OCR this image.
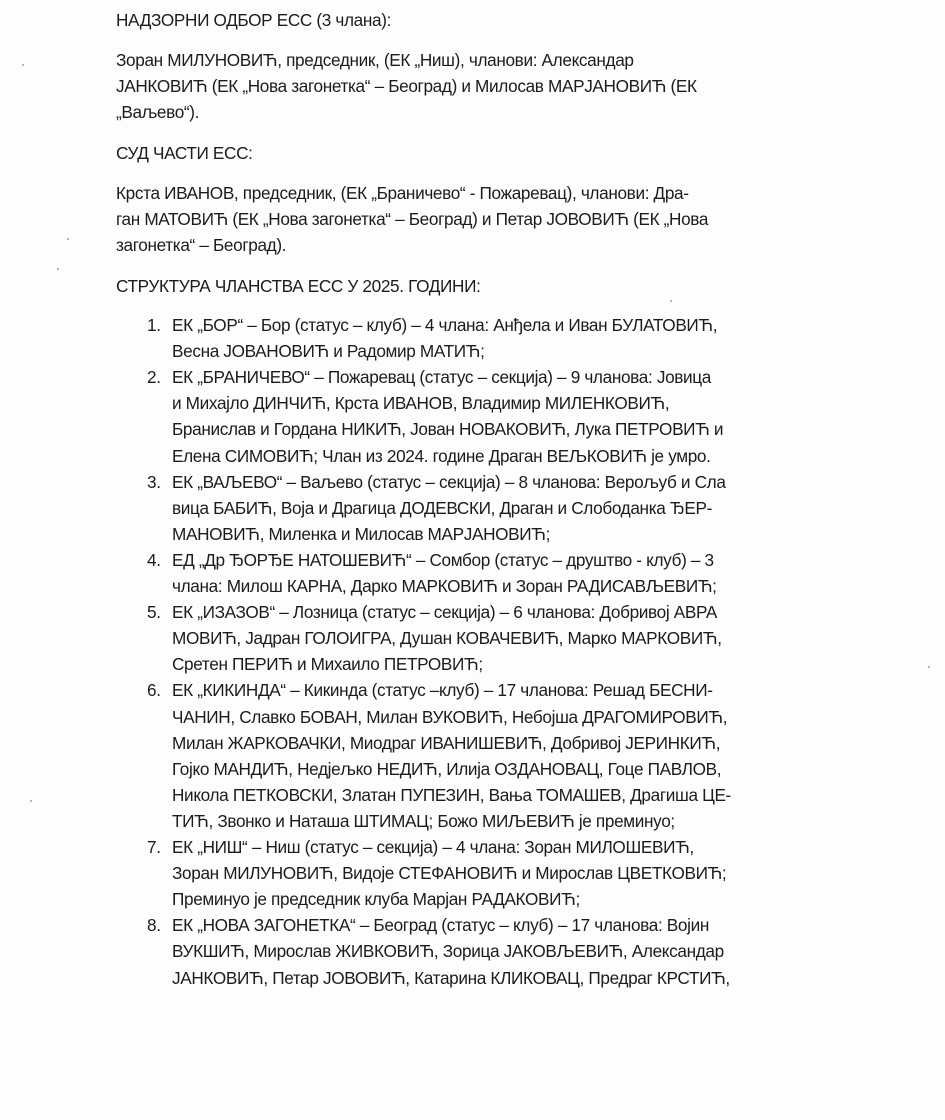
НАДЗОРНИ ОДБОР ЕСС (3 члана):
Зоран МИЛУНОВИЋ, председник, (ЕК „Ниш), чланови: Александар
ЈАНКОВИЋ (ЕК „Нова загонетка“ – Београд) и Милосав МАРЈАНОВИЋ (ЕК
„Ваљево“).
СУД ЧАСТИ ЕСС:
Крста ИВАНОВ, председник, (ЕК „Браничево“ - Пожаревац), чланови: Дра-
ган МАТОВИЋ (ЕК „Нова загонетка“ – Београд) и Петар ЈОВОВИЋ (ЕК „Нова
загонетка“ – Београд).
СТРУКТУРА ЧЛАНСТВА ЕСС У 2025. ГОДИНИ:
1. ЕК „БОР“ – Бор (статус – клуб) – 4 члана: Анђела и Иван БУЛАТОВИЋ,
Весна ЈОВАНОВИЋ и Радомир МАТИЋ;
2. ЕК „БРАНИЧЕВО“ – Пожаревац (статус – секција) – 9 чланова: Јовица
и Михајло ДИНЧИЋ, Крста ИВАНОВ, Владимир МИЛЕНКОВИЋ,
Бранислав и Гордана НИКИЋ, Јован НОВАКОВИЋ, Лука ПЕТРОВИЋ и
Елена СИМОВИЋ; Члан из 2024. године Драган ВЕЉКОВИЋ је умро.
3. ЕК „ВАЉЕВО“ – Ваљево (статус – секција) – 8 чланова: Верољуб и Сла
вица БАБИЋ, Воја и Драгица ДОДЕВСКИ, Драган и Слободанка ЂЕР-
МАНОВИЋ, Миленка и Милосав МАРЈАНОВИЋ;
4. ЕД „Др ЂОРЂЕ НАТОШЕВИЋ“ – Сомбор (статус – друштво - клуб) – 3
члана: Милош КАРНА, Дарко МАРКОВИЋ и Зоран РАДИСАВЉЕВИЋ;
5. ЕК „ИЗАЗОВ“ – Лозница (статус – секција) – 6 чланова: Добривој АВРА
МОВИЋ, Јадран ГОЛОИГРА, Душан КОВАЧЕВИЋ, Марко МАРКОВИЋ,
Сретен ПЕРИЋ и Михаило ПЕТРОВИЋ;
6. ЕК „КИКИНДА“ – Кикинда (статус –клуб) – 17 чланова: Решад БЕСНИ-
ЧАНИН, Славко БОВАН, Милан ВУКОВИЋ, Небојша ДРАГОМИРОВИЋ,
Милан ЖАРКОВАЧКИ, Миодраг ИВАНИШЕВИЋ, Добривој ЈЕРИНКИЋ,
Гојко МАНДИЋ, Недјељко НЕДИЋ, Илија ОЗДАНОВАЦ, Гоце ПАВЛОВ,
Никола ПЕТКОВСКИ, Златан ПУПЕЗИН, Вања ТОМАШЕВ, Драгиша ЦЕ-
ТИЋ, Звонко и Наташа ШТИМАЦ; Божо МИЉЕВИЋ је преминуо;
7. ЕК „НИШ“ – Ниш (статус – секција) – 4 члана: Зоран МИЛОШЕВИЋ,
Зоран МИЛУНОВИЋ, Видоје СТЕФАНОВИЋ и Мирослав ЦВЕТКОВИЋ;
Преминуо је председник клуба Марјан РАДАКОВИЋ;
8. ЕК „НОВА ЗАГОНЕТКА“ – Београд (статус – клуб) – 17 чланова: Војин
ВУКШИЋ, Мирослав ЖИВКОВИЋ, Зорица ЈАКОВЉЕВИЋ, Александар
ЈАНКОВИЋ, Петар ЈОВОВИЋ, Катарина КЛИКОВАЦ, Предраг КРСТИЋ,
